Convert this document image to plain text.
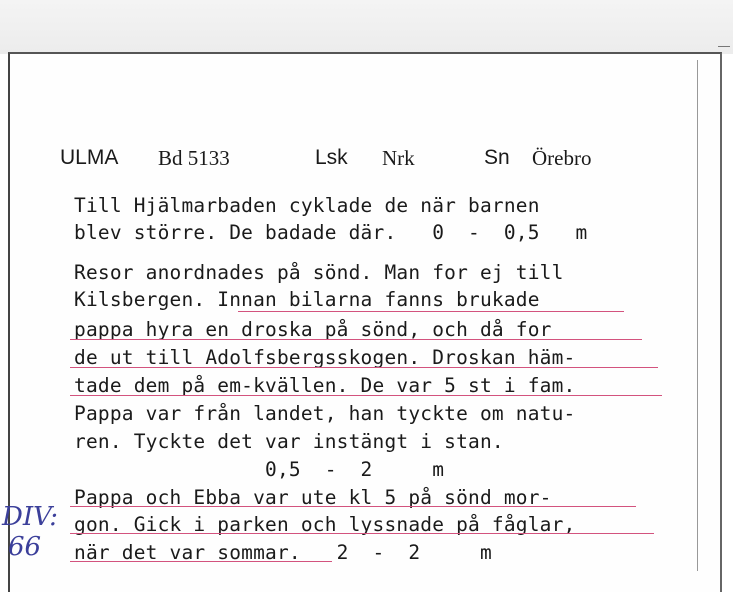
ULMA Bd 5133	Lsk Nrk	Sn Örebro
Till Hjälmarbaden cyklade de när barnen
blev större. De badade där.   0  -  0,5   m
Resor anordnades på sönd. Man for ej till
Kilsbergen. Innan bilarna fanns brukade
pappa hyra en droska på sönd, och då for
de ut till Adolfsbergsskogen. Droskan häm-
tade dem på em-kvällen. De var 5 st i fam.
Pappa var från landet, han tyckte om natu-
ren. Tyckte det var instängt i stan.
0,5  -  2     m
Pappa och Ebba var ute kl 5 på sönd mor-
gon. Gick i parken och lyssnade på fåglar,
när det var sommar.   2  -  2     m
DIV:
66
